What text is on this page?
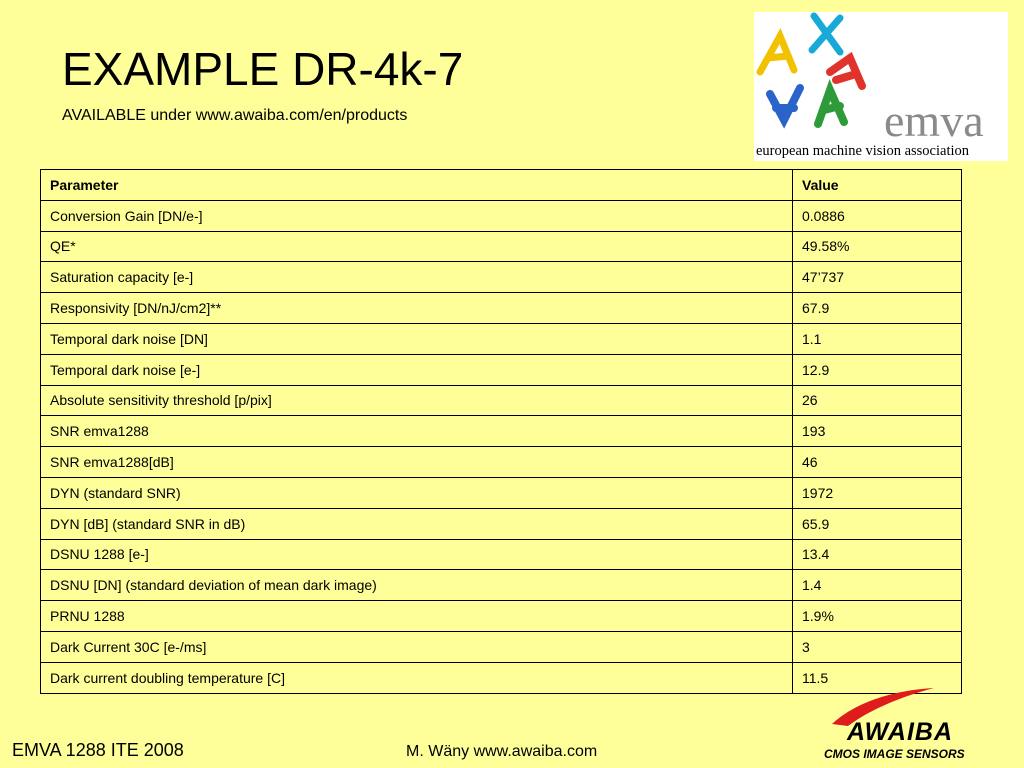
EXAMPLE DR-4k-7
AVAILABLE under www.awaiba.com/en/products	emva
european machine vision association
Parameter	Value
Conversion Gain [DN/e-]	0.0886
QE*	49.58%
Saturation capacity [e-]	47’737
Responsivity [DN/nJ/cm2]**	67.9
Temporal dark noise [DN]	1.1
Temporal dark noise [e-]	12.9
Absolute sensitivity threshold [p/pix]	26
SNR emva1288	193
SNR emva1288[dB]	46
DYN (standard SNR)	1972
DYN [dB] (standard SNR in dB)	65.9
DSNU 1288 [e-]	13.4
DSNU [DN] (standard deviation of mean dark image)	1.4
PRNU 1288	1.9%
Dark Current 30C [e-/ms]	3
Dark current doubling temperature [C]	11.5
EMVA 1288 ITE 2008	M. Wäny www.awaiba.com
AWAIBA
CMOS IMAGE SENSORS
